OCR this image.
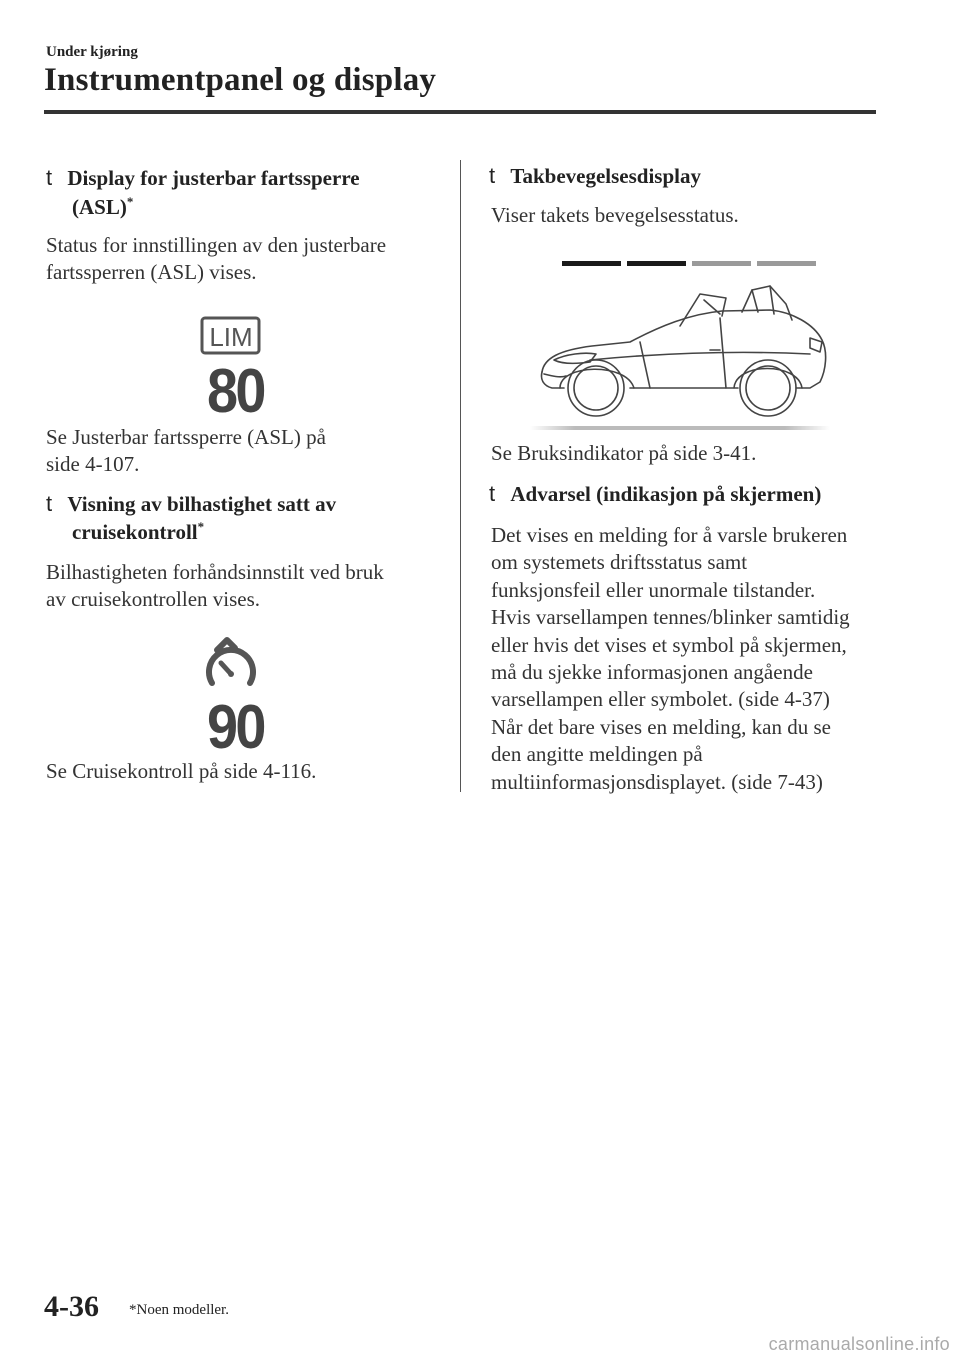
Under kjøring
Instrumentpanel og display
t Display for justerbar fartssperre
(ASL)*
Status for innstillingen av den justerbare
fartssperren (ASL) vises.
LIM
80
Se Justerbar fartssperre (ASL) på
side 4-107.
t Visning av bilhastighet satt av
cruisekontroll*
Bilhastigheten forhåndsinnstilt ved bruk
av cruisekontrollen vises.
90
Se Cruisekontroll på side 4-116.
t Takbevegelsesdisplay
Viser takets bevegelsesstatus.
Se Bruksindikator på side 3-41.
t Advarsel (indikasjon på skjermen)
Det vises en melding for å varsle brukeren
om systemets driftsstatus samt
funksjonsfeil eller unormale tilstander.
Hvis varsellampen tennes/blinker samtidig
eller hvis det vises et symbol på skjermen,
må du sjekke informasjonen angående
varsellampen eller symbolet. (side 4-37)
Når det bare vises en melding, kan du se
den angitte meldingen på
multiinformasjonsdisplayet. (side 7-43)
4-36 *Noen modeller.
carmanualsonline.info
